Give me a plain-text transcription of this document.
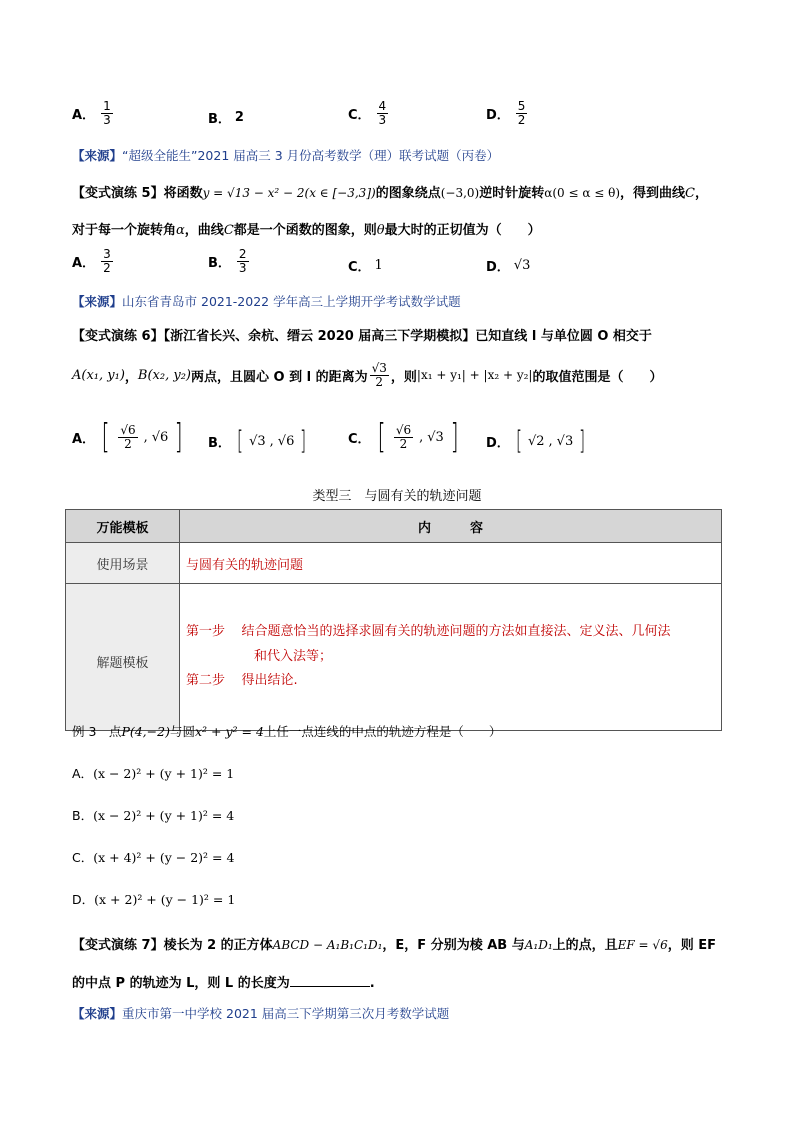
A． $\frac{1}{3}$	B． 2	C． $\frac{4}{3}$	D． $\frac{5}{2}$
【来源】“超级全能生”2021 届高三 3 月份高考数学（理）联考试题（丙卷）
【变式演练 5】将函数y = √13 − x² − 2(x ∈ [−3,3])的图象绕点(−3,0)逆时针旋转α(0 ≤ α ≤ θ)，得到曲线C，
对于每一个旋转角α，曲线C都是一个函数的图象，则θ最大时的正切值为（　　）
A． $\frac{3}{2}$	B． $\frac{2}{3}$	C． 1	D． √3
【来源】山东省青岛市 2021-2022 学年高三上学期开学考试数学试题
【变式演练 6】【浙江省长兴、余杭、缙云 2020 届高三下学期模拟】已知直线 l 与单位圆 O 相交于
A(x₁, y₁) ， B(x₂, y₂) 两点，且圆心 O 到 l 的距离为 $\frac{√3}{2}$ ，则 |x₁ + y₁| + |x₂ + y₂| 的取值范围是（　　）
A． [ $\frac{√6}{2}$ , √6 ] B． [ √3 , √6 ]	C． [ $\frac{√6}{2}$ , √3 ] D． [ √2 , √3 ]
类型三　与圆有关的轨迹问题
万能模板	内　　　容
使用场景	与圆有关的轨迹问题
解题模板	第一步 结合题意恰当的选择求圆有关的轨迹问题的方法如直接法、定义法、几何法
和代入法等；
第二步 得出结论.
例 3　点P(4,−2)与圆x² + y² = 4上任一点连线的中点的轨迹方程是（　　）
A．(x − 2)² + (y + 1)² = 1
B．(x − 2)² + (y + 1)² = 4
C．(x + 4)² + (y − 2)² = 4
D．(x + 2)² + (y − 1)² = 1
【变式演练 7】棱长为 2 的正方体ABCD − A₁B₁C₁D₁，E，F 分别为棱 AB 与A₁D₁上的点，且EF = √6，则 EF
的中点 P 的轨迹为 L，则 L 的长度为	.
【来源】重庆市第一中学校 2021 届高三下学期第三次月考数学试题
